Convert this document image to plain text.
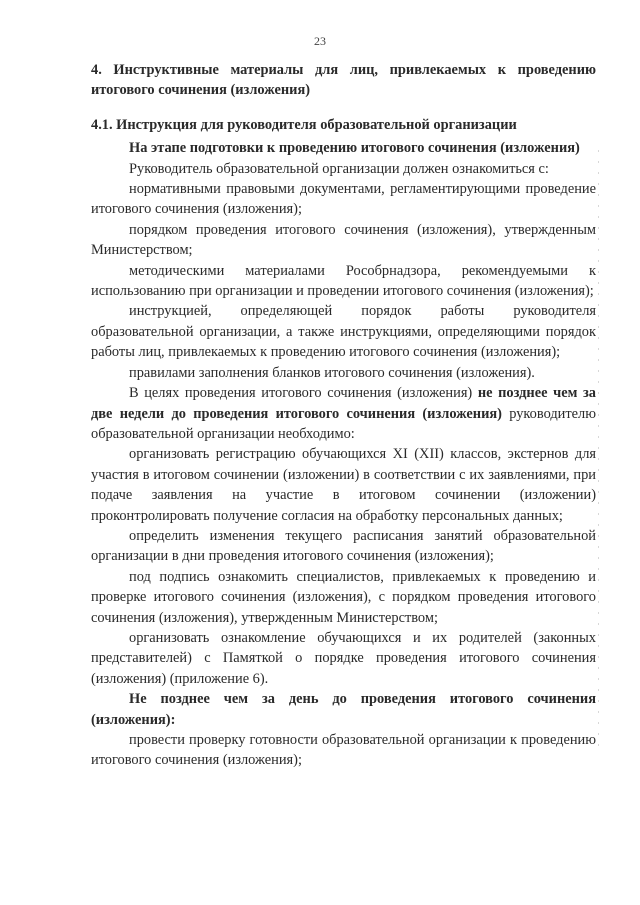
23
4. Инструктивные материалы для лиц, привлекаемых к проведению итогового сочинения (изложения)
4.1. Инструкция для руководителя образовательной организации

На этапе подготовки к проведению итогового сочинения (изложения)

Руководитель образовательной организации должен ознакомиться с:

нормативными правовыми документами, регламентирующими проведение итогового сочинения (изложения);

порядком проведения итогового сочинения (изложения), утвержденным Министерством;

методическими материалами Рособрнадзора, рекомендуемыми к использованию при организации и проведении итогового сочинения (изложения);

инструкцией, определяющей порядок работы руководителя образовательной организации, а также инструкциями, определяющими порядок работы лиц, привлекаемых к проведению итогового сочинения (изложения);

правилами заполнения бланков итогового сочинения (изложения).

В целях проведения итогового сочинения (изложения) не позднее чем за две недели до проведения итогового сочинения (изложения) руководителю образовательной организации необходимо:

организовать регистрацию обучающихся XI (XII) классов, экстернов для участия в итоговом сочинении (изложении) в соответствии с их заявлениями, при подаче заявления на участие в итоговом сочинении (изложении) проконтролировать получение согласия на обработку персональных данных;

определить изменения текущего расписания занятий образовательной организации в дни проведения итогового сочинения (изложения);

под подпись ознакомить специалистов, привлекаемых к проведению и проверке итогового сочинения (изложения), с порядком проведения итогового сочинения (изложения), утвержденным Министерством;

организовать ознакомление обучающихся и их родителей (законных представителей) с Памяткой о порядке проведения итогового сочинения (изложения) (приложение 6).

Не позднее чем за день до проведения итогового сочинения (изложения):

провести проверку готовности образовательной организации к проведению итогового сочинения (изложения);
